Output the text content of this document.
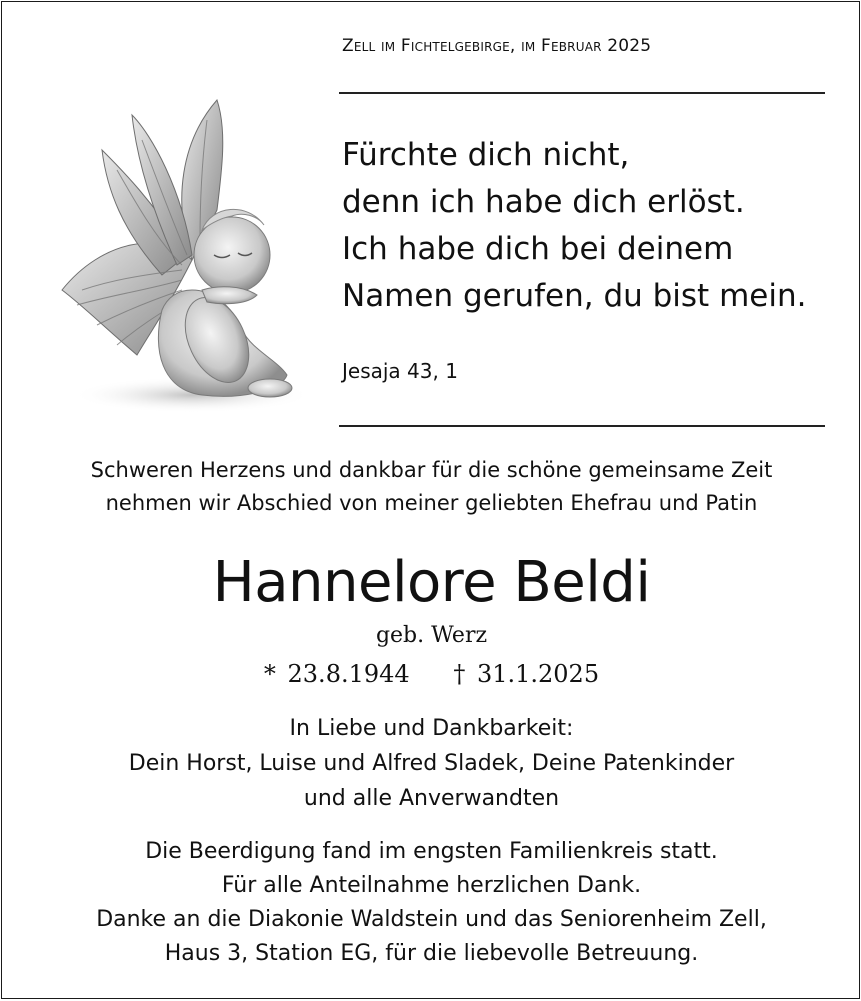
Zell im Fichtelgebirge, im Februar 2025
Fürchte dich nicht,
denn ich habe dich erlöst.
Ich habe dich bei deinem
Namen gerufen, du bist mein.
Jesaja 43, 1
Schweren Herzens und dankbar für die schöne gemeinsame Zeit
nehmen wir Abschied von meiner geliebten Ehefrau und Patin
Hannelore Beldi
geb. Werz
* 23.8.1944 † 31.1.2025
In Liebe und Dankbarkeit:
Dein Horst, Luise und Alfred Sladek, Deine Patenkinder
und alle Anverwandten
Die Beerdigung fand im engsten Familienkreis statt.
Für alle Anteilnahme herzlichen Dank.
Danke an die Diakonie Waldstein und das Seniorenheim Zell,
Haus 3, Station EG, für die liebevolle Betreuung.
